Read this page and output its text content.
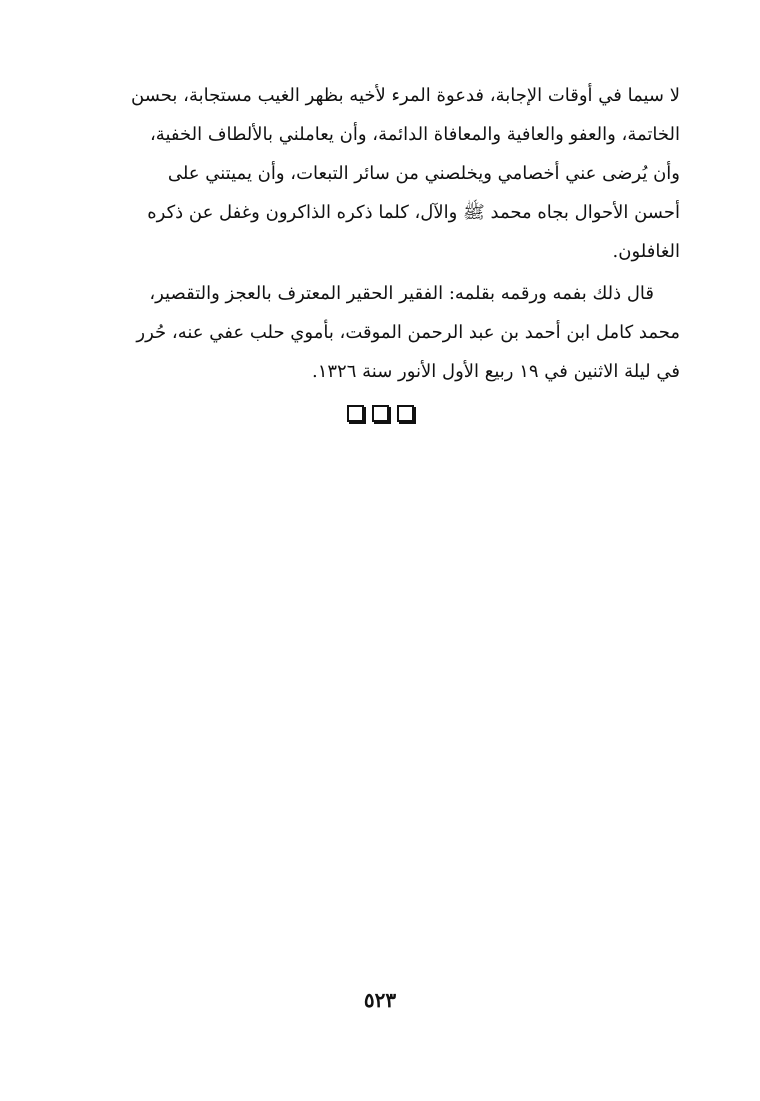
لا سيما في أوقات الإجابة، فدعوة المرء لأخيه بظهر الغيب مستجابة، بحسن
الخاتمة، والعفو والعافية والمعافاة الدائمة، وأن يعاملني بالألطاف الخفية،
وأن يُرضى عني أخصامي ويخلصني من سائر التبعات، وأن يميتني على
أحسن الأحوال بجاه محمد ﷺ والآل، كلما ذكره الذاكرون وغفل عن ذكره
الغافلون.
قال ذلك بفمه ورقمه بقلمه: الفقير الحقير المعترف بالعجز والتقصير،
محمد كامل ابن أحمد بن عبد الرحمن الموقت، بأموي حلب عفي عنه، حُرر
في ليلة الاثنين في ١٩ ربيع الأول الأنور سنة ١٣٢٦.
٥٢٣
